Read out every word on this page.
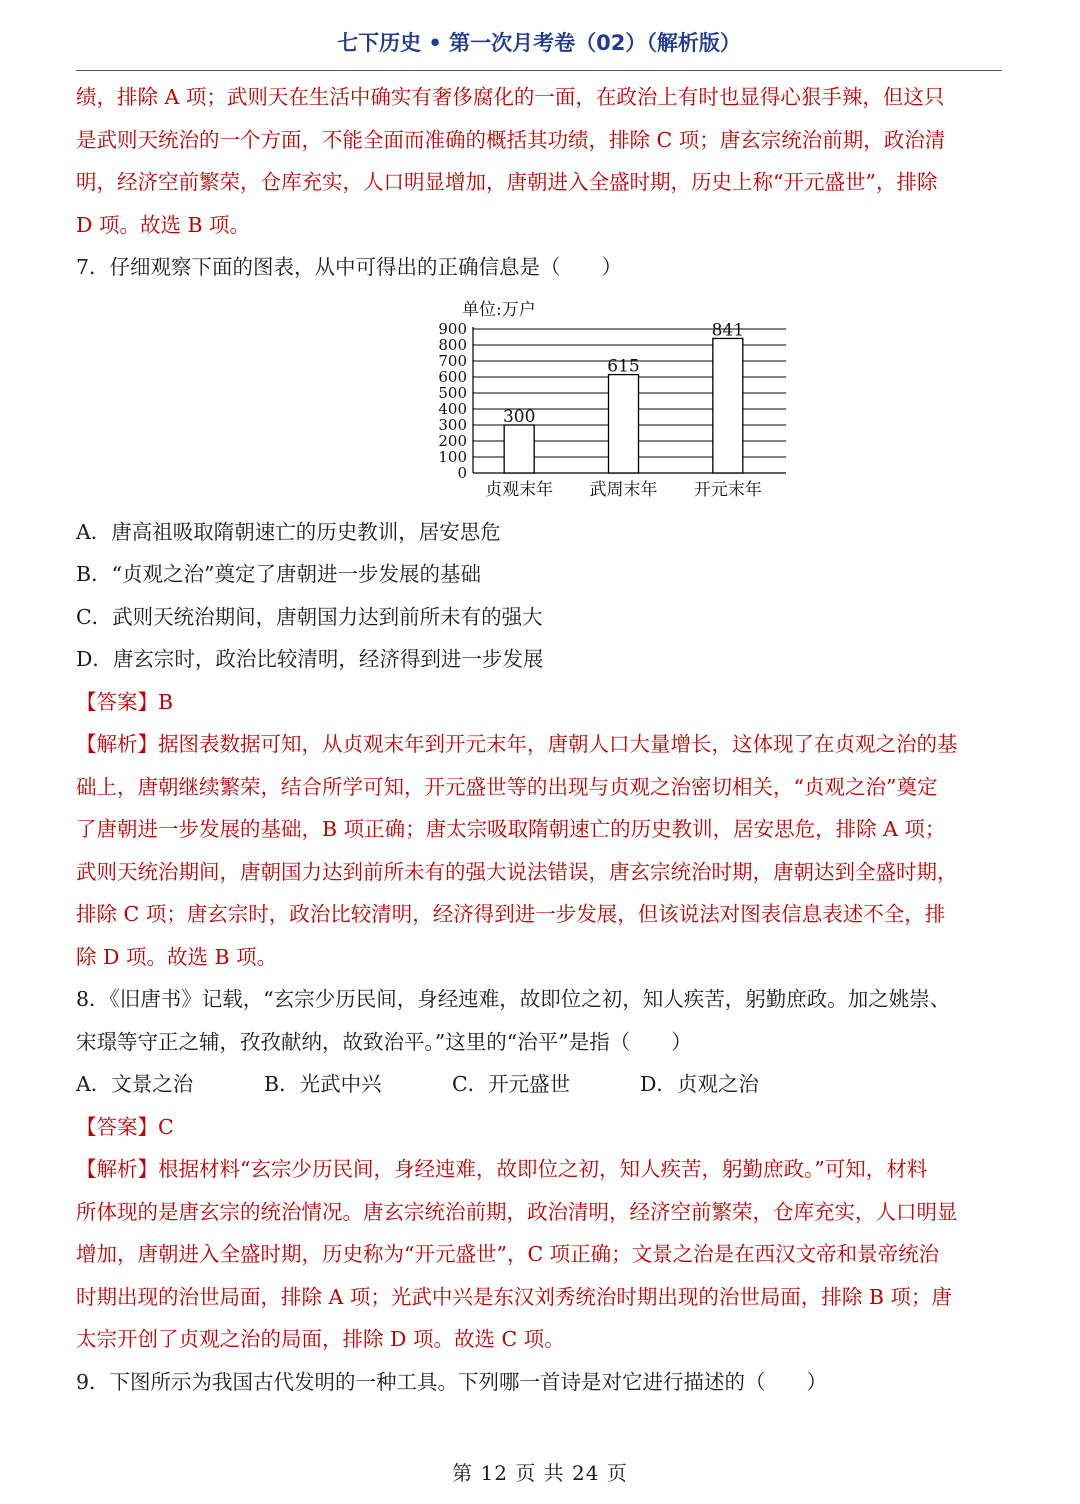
七下历史 • 第一次月考卷（02）（解析版）
绩，排除 A 项；武则天在生活中确实有奢侈腐化的一面，在政治上有时也显得心狠手辣，但这只
是武则天统治的一个方面，不能全面而准确的概括其功绩，排除 C 项；唐玄宗统治前期，政治清
明，经济空前繁荣，仓库充实，人口明显增加，唐朝进入全盛时期，历史上称“开元盛世”，排除
D 项。故选 B 项。
7．仔细观察下面的图表，从中可得出的正确信息是（　　）
单位:万户
0
100
200
300
400
500
600
700
800
900
300
贞观末年
615
武周末年
841
开元末年
A．唐高祖吸取隋朝速亡的历史教训，居安思危
B．“贞观之治”奠定了唐朝进一步发展的基础
C．武则天统治期间，唐朝国力达到前所未有的强大
D．唐玄宗时，政治比较清明，经济得到进一步发展
【答案】B
【解析】据图表数据可知，从贞观末年到开元末年，唐朝人口大量增长，这体现了在贞观之治的基
础上，唐朝继续繁荣，结合所学可知，开元盛世等的出现与贞观之治密切相关，“贞观之治”奠定
了唐朝进一步发展的基础，B 项正确；唐太宗吸取隋朝速亡的历史教训，居安思危，排除 A 项；
武则天统治期间，唐朝国力达到前所未有的强大说法错误，唐玄宗统治时期，唐朝达到全盛时期，
排除 C 项；唐玄宗时，政治比较清明，经济得到进一步发展，但该说法对图表信息表述不全，排
除 D 项。故选 B 项。
8．《旧唐书》记载，“玄宗少历民间，身经迍难，故即位之初，知人疾苦，躬勤庶政。加之姚崇、
宋璟等守正之辅，孜孜献纳，故致治平。”这里的“治平”是指（　　）
A．文景之治	B．光武中兴	C．开元盛世	D．贞观之治
【答案】C
【解析】根据材料“玄宗少历民间，身经迍难，故即位之初，知人疾苦，躬勤庶政。”可知，材料
所体现的是唐玄宗的统治情况。唐玄宗统治前期，政治清明，经济空前繁荣，仓库充实，人口明显
增加，唐朝进入全盛时期，历史称为“开元盛世”，C 项正确；文景之治是在西汉文帝和景帝统治
时期出现的治世局面，排除 A 项；光武中兴是东汉刘秀统治时期出现的治世局面，排除 B 项；唐
太宗开创了贞观之治的局面，排除 D 项。故选 C 项。
9．下图所示为我国古代发明的一种工具。下列哪一首诗是对它进行描述的（　　）
第 12 页 共 24 页
